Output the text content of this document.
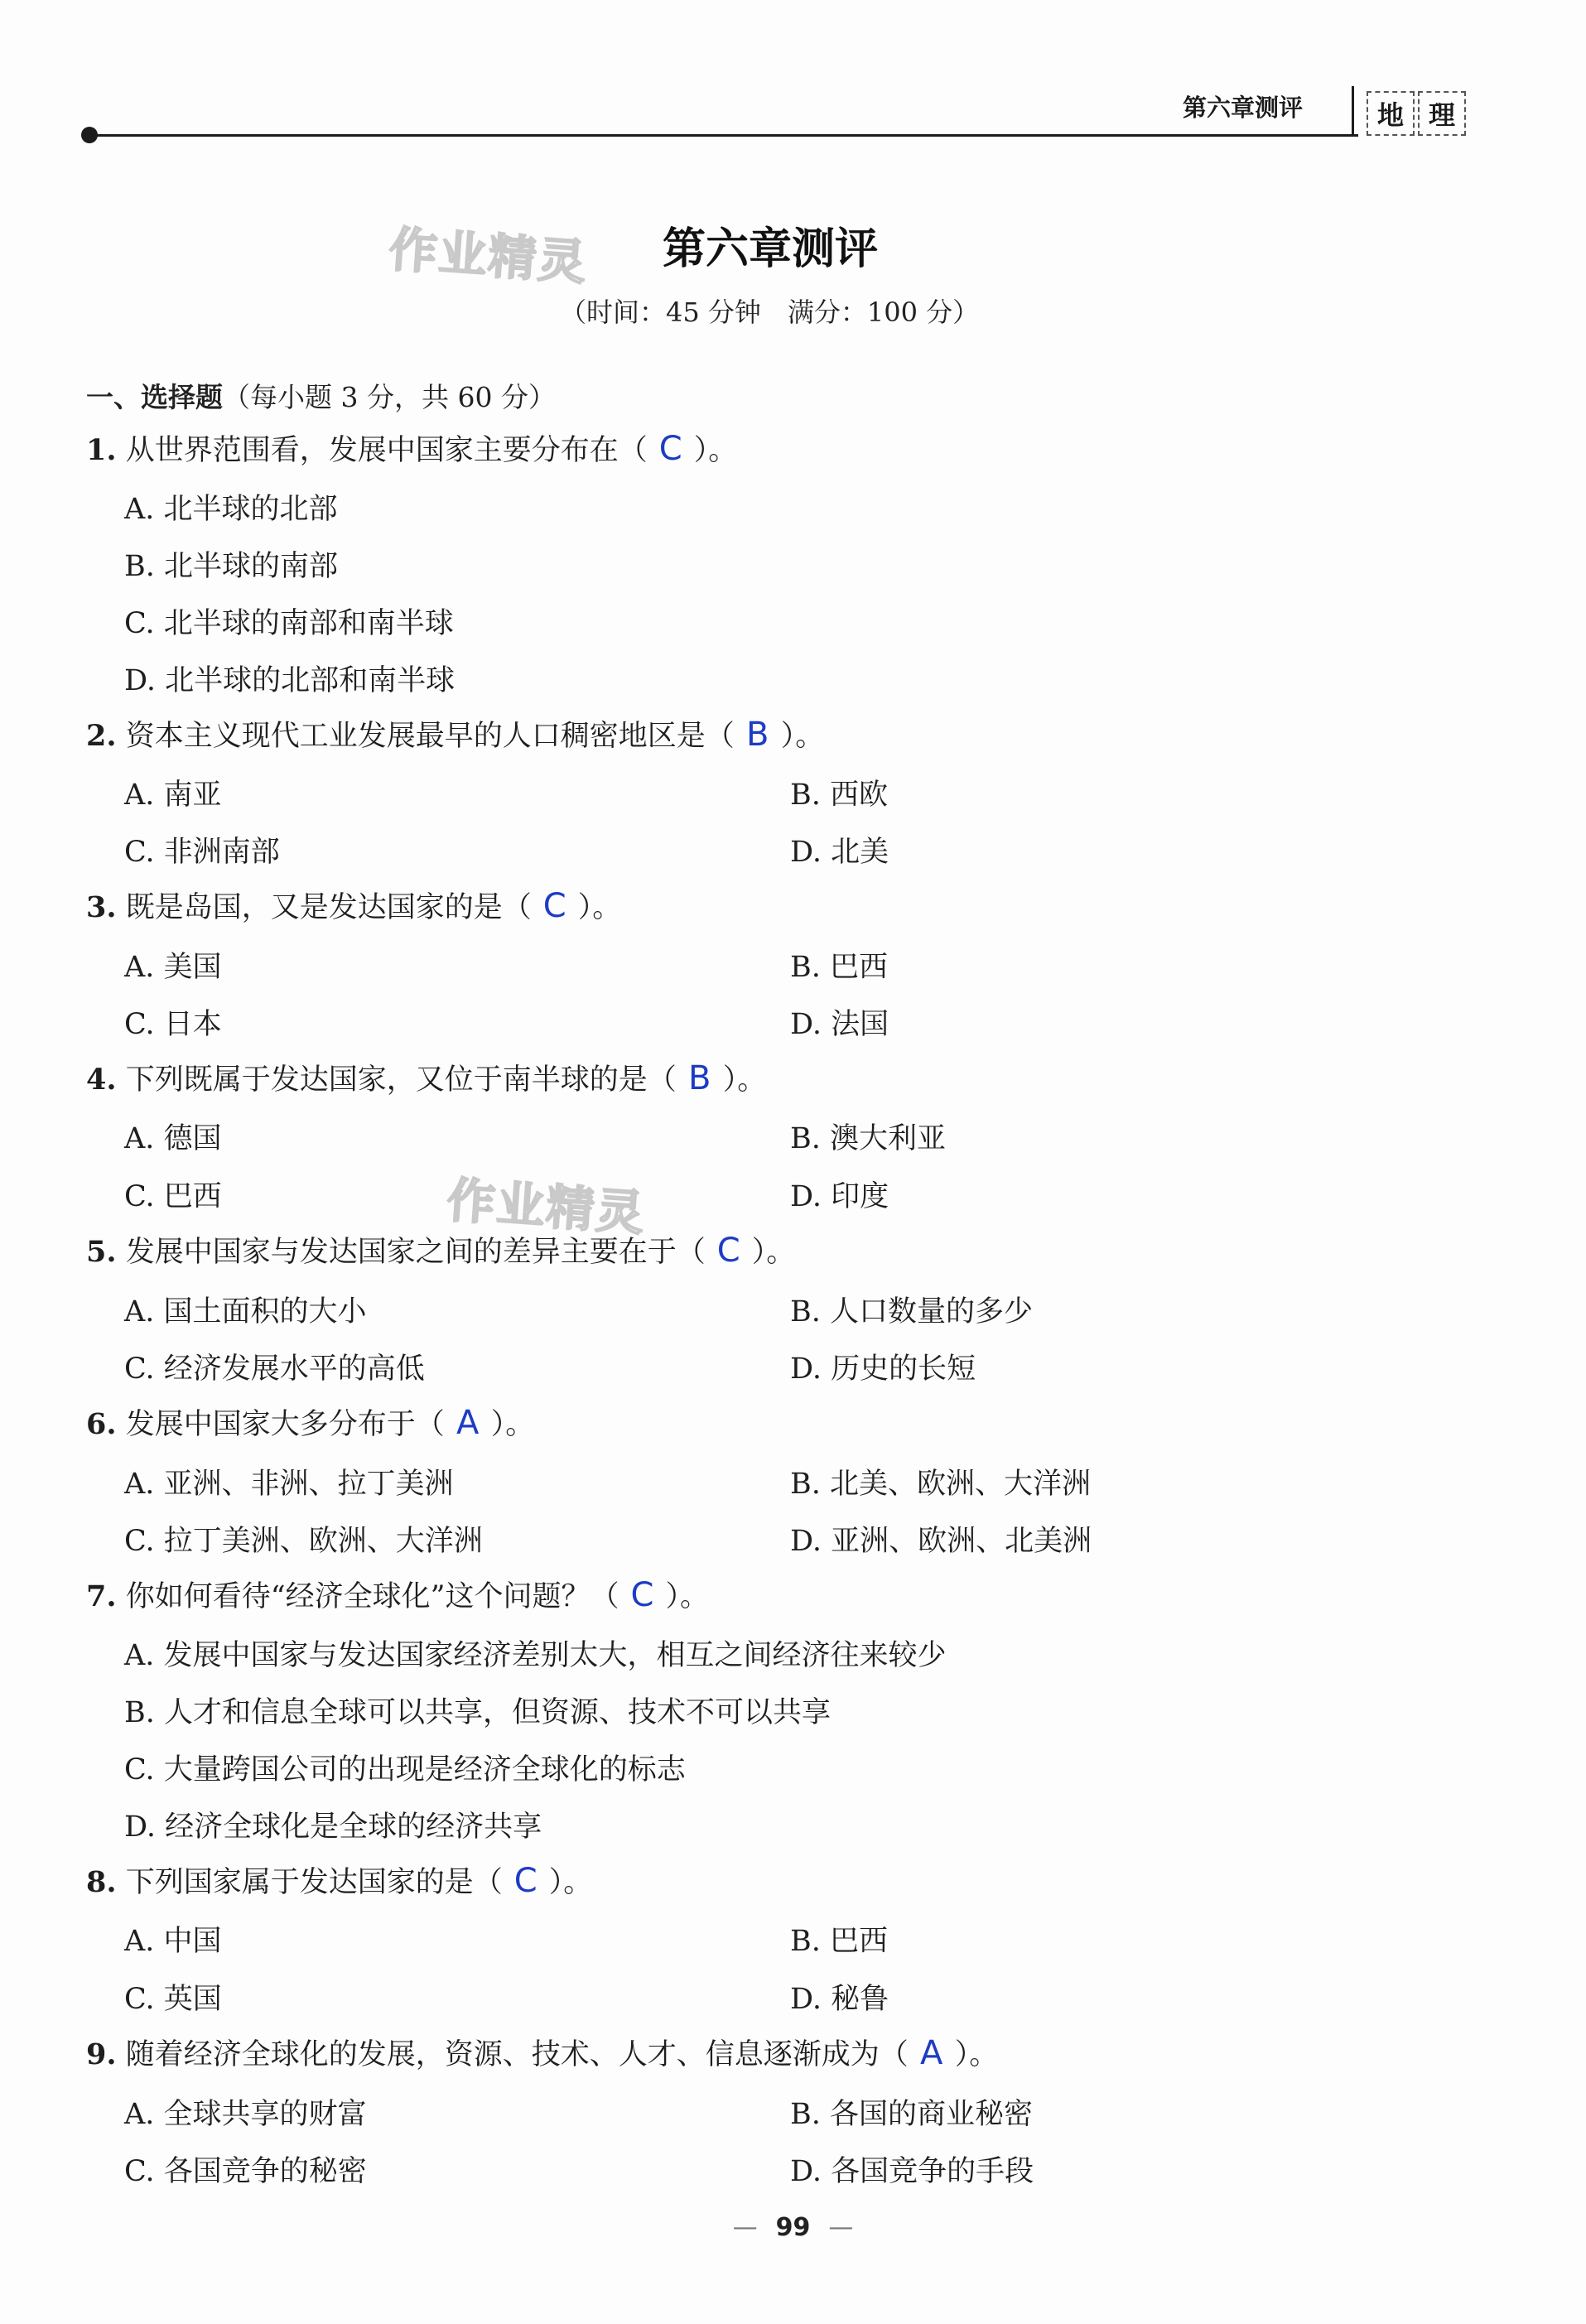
第六章测评	地 理
作业精灵
作业精灵
第六章测评
（时间：45 分钟　满分：100 分）
一、选择题（每小题 3 分，共 60 分）
1. 从世界范围看，发展中国家主要分布在（ C ）。
A. 北半球的北部
B. 北半球的南部
C. 北半球的南部和南半球
D. 北半球的北部和南半球
2. 资本主义现代工业发展最早的人口稠密地区是（ B ）。
A. 南亚	B. 西欧
C. 非洲南部	D. 北美
3. 既是岛国，又是发达国家的是（ C ）。
A. 美国	B. 巴西
C. 日本	D. 法国
4. 下列既属于发达国家，又位于南半球的是（ B ）。
A. 德国	B. 澳大利亚
C. 巴西	D. 印度
5. 发展中国家与发达国家之间的差异主要在于（ C ）。
A. 国土面积的大小	B. 人口数量的多少
C. 经济发展水平的高低	D. 历史的长短
6. 发展中国家大多分布于（ A ）。
A. 亚洲、非洲、拉丁美洲	B. 北美、欧洲、大洋洲
C. 拉丁美洲、欧洲、大洋洲	D. 亚洲、欧洲、北美洲
7. 你如何看待“经济全球化”这个问题？（ C ）。
A. 发展中国家与发达国家经济差别太大，相互之间经济往来较少
B. 人才和信息全球可以共享，但资源、技术不可以共享
C. 大量跨国公司的出现是经济全球化的标志
D. 经济全球化是全球的经济共享
8. 下列国家属于发达国家的是（ C ）。
A. 中国	B. 巴西
C. 英国	D. 秘鲁
9. 随着经济全球化的发展，资源、技术、人才、信息逐渐成为（ A ）。
A. 全球共享的财富	B. 各国的商业秘密
C. 各国竞争的秘密	D. 各国竞争的手段
— 99 —
